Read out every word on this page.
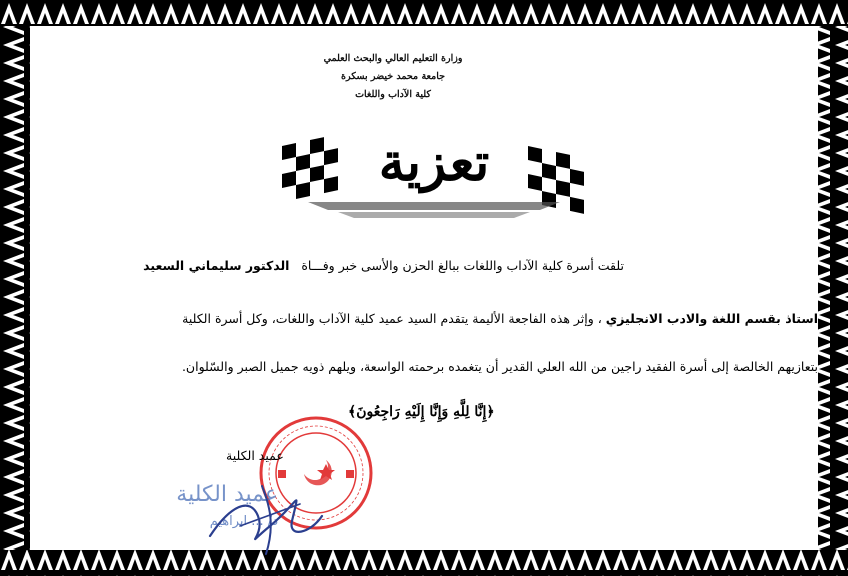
وزارة التعليم العالي والبحث العلمي
جامعة محمد خيضر بسكرة
كلية الآداب واللغات
تعزية
تلقت أسرة كلية الآداب واللغات ببالغ الحزن والأسى خبر وفـــاة   الدكتور سليماني السعيد
استاذ بقسم اللغة والادب الانجليزي ، وإثر هذه الفاجعة الأليمة يتقدم السيد عميد كلية الآداب واللغات، وكل أسرة الكلية
بتعازيهم الخالصة إلى أسرة الفقيد راجين من الله العلي القدير أن يتغمده برحمته الواسعة، ويلهم ذويه جميل الصبر والسّلوان.
﴿إِنَّا لِلَّهِ وَإِنَّا إِلَيْهِ رَاجِعُونَ﴾
عميد الكلية
عميد الكلية
د/ ... ابراهيم
